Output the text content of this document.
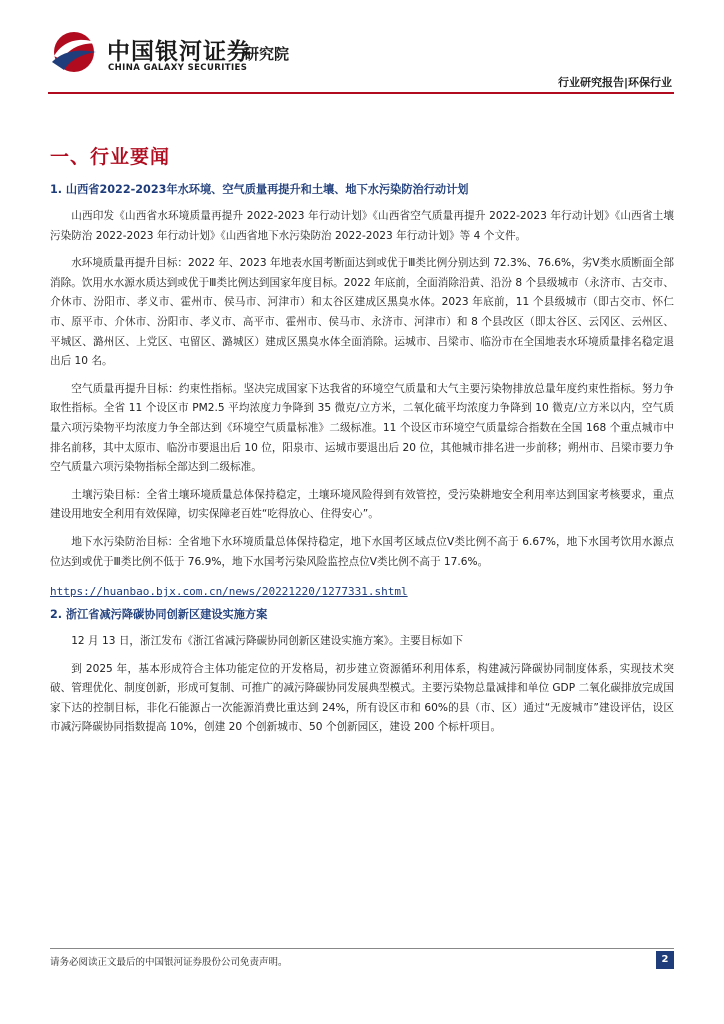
中国银河证券
CHINA GALAXY SECURITIES
研究院
行业研究报告|环保行业
一、行业要闻
1. 山西省2022-2023年水环境、空气质量再提升和土壤、地下水污染防治行动计划

山西印发《山西省水环境质量再提升 2022-2023 年行动计划》《山西省空气质量再提升 2022-2023 年行动计划》《山西省土壤污染防治 2022-2023 年行动计划》《山西省地下水污染防治 2022-2023 年行动计划》等 4 个文件。

水环境质量再提升目标：2022 年、2023 年地表水国考断面达到或优于Ⅲ类比例分别达到 72.3%、76.6%，劣Ⅴ类水质断面全部消除。饮用水水源水质达到或优于Ⅲ类比例达到国家年度目标。2022 年底前，全面消除沿黄、沿汾 8 个县级城市（永济市、古交市、介休市、汾阳市、孝义市、霍州市、侯马市、河津市）和太谷区建成区黑臭水体。2023 年底前，11 个县级城市（即古交市、怀仁市、原平市、介休市、汾阳市、孝义市、高平市、霍州市、侯马市、永济市、河津市）和 8 个县改区（即太谷区、云冈区、云州区、平城区、潞州区、上党区、屯留区、潞城区）建成区黑臭水体全面消除。运城市、吕梁市、临汾市在全国地表水环境质量排名稳定退出后 10 名。

空气质量再提升目标：约束性指标。坚决完成国家下达我省的环境空气质量和大气主要污染物排放总量年度约束性指标。努力争取性指标。全省 11 个设区市 PM2.5 平均浓度力争降到 35 微克/立方米，二氧化硫平均浓度力争降到 10 微克/立方米以内，空气质量六项污染物平均浓度力争全部达到《环境空气质量标准》二级标准。11 个设区市环境空气质量综合指数在全国 168 个重点城市中排名前移，其中太原市、临汾市要退出后 10 位，阳泉市、运城市要退出后 20 位，其他城市排名进一步前移；朔州市、吕梁市要力争空气质量六项污染物指标全部达到二级标准。

土壤污染目标：全省土壤环境质量总体保持稳定，土壤环境风险得到有效管控，受污染耕地安全利用率达到国家考核要求，重点建设用地安全利用有效保障，切实保障老百姓“吃得放心、住得安心”。

地下水污染防治目标：全省地下水环境质量总体保持稳定，地下水国考区域点位Ⅴ类比例不高于 6.67%，地下水国考饮用水源点位达到或优于Ⅲ类比例不低于 76.9%，地下水国考污染风险监控点位Ⅴ类比例不高于 17.6%。

https://huanbao.bjx.com.cn/news/20221220/1277331.shtml
2. 浙江省减污降碳协同创新区建设实施方案

12 月 13 日，浙江发布《浙江省减污降碳协同创新区建设实施方案》。主要目标如下

到 2025 年，基本形成符合主体功能定位的开发格局，初步建立资源循环利用体系，构建减污降碳协同制度体系，实现技术突破、管理优化、制度创新，形成可复制、可推广的减污降碳协同发展典型模式。主要污染物总量减排和单位 GDP 二氧化碳排放完成国家下达的控制目标，非化石能源占一次能源消费比重达到 24%，所有设区市和 60%的县（市、区）通过“无废城市”建设评估，设区市减污降碳协同指数提高 10%，创建 20 个创新城市、50 个创新园区，建设 200 个标杆项目。

请务必阅读正文最后的中国银河证券股份公司免责声明。	2
